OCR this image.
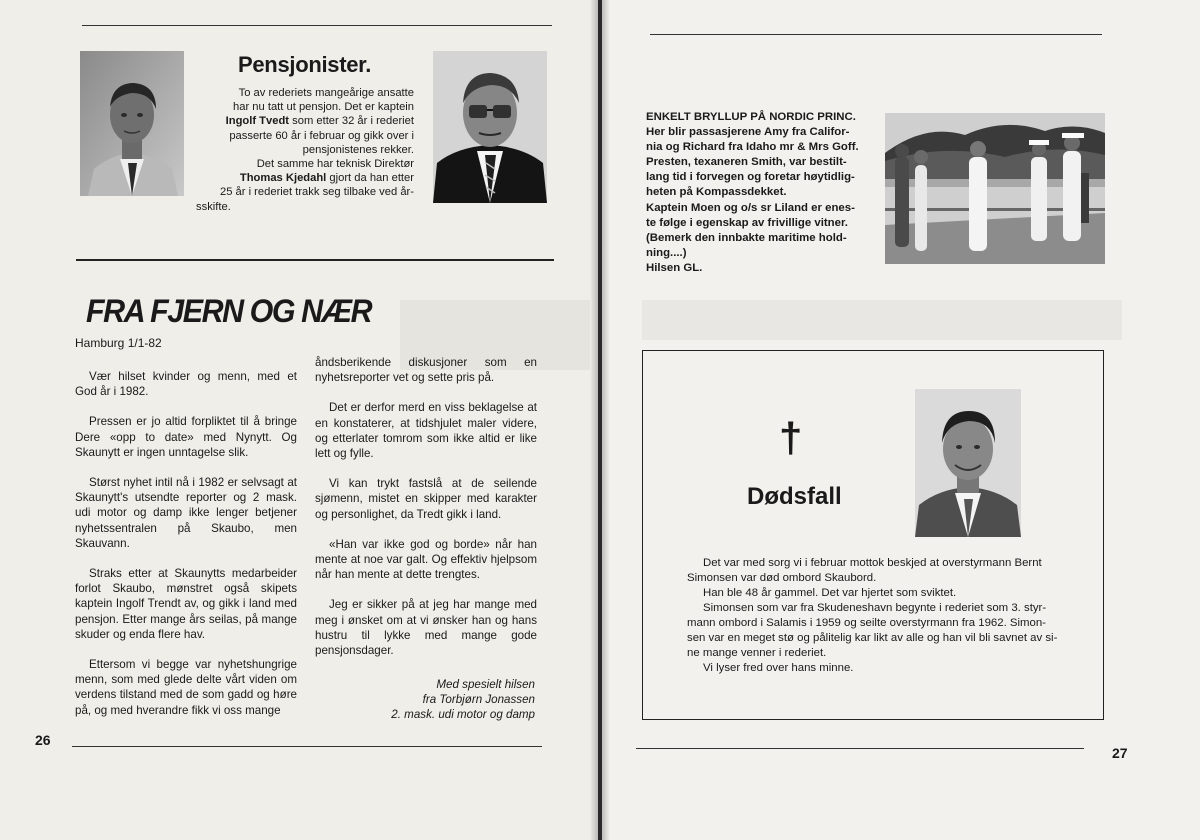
Pensjonister.

To av rederiets mangeårige ansatte

har nu tatt ut pensjon. Det er kaptein

Ingolf Tvedt som etter 32 år i rederiet

passerte 60 år i februar og gikk over i

pensjonistenes rekker.

Det samme har teknisk Direktør

Thomas Kjedahl gjort da han etter

25 år i rederiet trakk seg tilbake ved år-

sskifte.

FRA FJERN OG NÆR
Hamburg 1/1-82

Vær hilset kvinder og menn, med et God år i 1982.

Pressen er jo altid forpliktet til å bringe Dere «opp to date» med Nynytt. Og Skaunytt er ingen unntagelse slik.

Størst nyhet intil nå i 1982 er selvsagt at Skaunytt's utsendte reporter og 2 mask. udi motor og damp ikke lenger betjener nyhetssentralen på Skaubo, men Skauvann.

Straks etter at Skaunytts medarbeider forlot Skaubo, mønstret også skipets kaptein Ingolf Trendt av, og gikk i land med pensjon. Etter mange års seilas, på mange skuder og enda flere hav.

Ettersom vi begge var nyhetshungrige menn, som med glede delte vårt viden om verdens tilstand med de som gadd og høre på, og med hverandre fikk vi oss mange

åndsberikende diskusjoner som en nyhetsreporter vet og sette pris på.

Det er derfor merd en viss beklagelse at en konstaterer, at tidshjulet maler videre, og etterlater tomrom som ikke altid er like lett og fylle.

Vi kan trykt fastslå at de seilende sjømenn, mistet en skipper med karakter og personlighet, da Tredt gikk i land.

«Han var ikke god og borde» når han mente at noe var galt. Og effektiv hjelpsom når han mente at dette trengtes.

Jeg er sikker på at jeg har mange med meg i ønsket om at vi ønsker han og hans hustru til lykke med mange gode pensjonsdager.

Med spesielt hilsen
fra Torbjørn Jonassen
2. mask. udi motor og damp
26
ENKELT BRYLLUP PÅ NORDIC PRINC.
Her blir passasjerene Amy fra Califor-
nia og Richard fra Idaho mr & Mrs Goff.
Presten, texaneren Smith, var bestilt-
lang tid i forvegen og foretar høytidlig-
heten på Kompassdekket.
Kaptein Moen og o/s sr Liland er enes-
te følge i egenskap av frivillige vitner.
(Bemerk den innbakte maritime hold-
ning....)
Hilsen GL.
†
Dødsfall

Det var med sorg vi i februar mottok beskjed at overstyrmann Bernt

Simonsen var død ombord Skaubord.

Han ble 48 år gammel. Det var hjertet som sviktet.

Simonsen som var fra Skudeneshavn begynte i rederiet som 3. styr-

mann ombord i Salamis i 1959 og seilte overstyrmann fra 1962. Simon-

sen var en meget stø og pålitelig kar likt av alle og han vil bli savnet av si-

ne mange venner i rederiet.

Vi lyser fred over hans minne.

27
